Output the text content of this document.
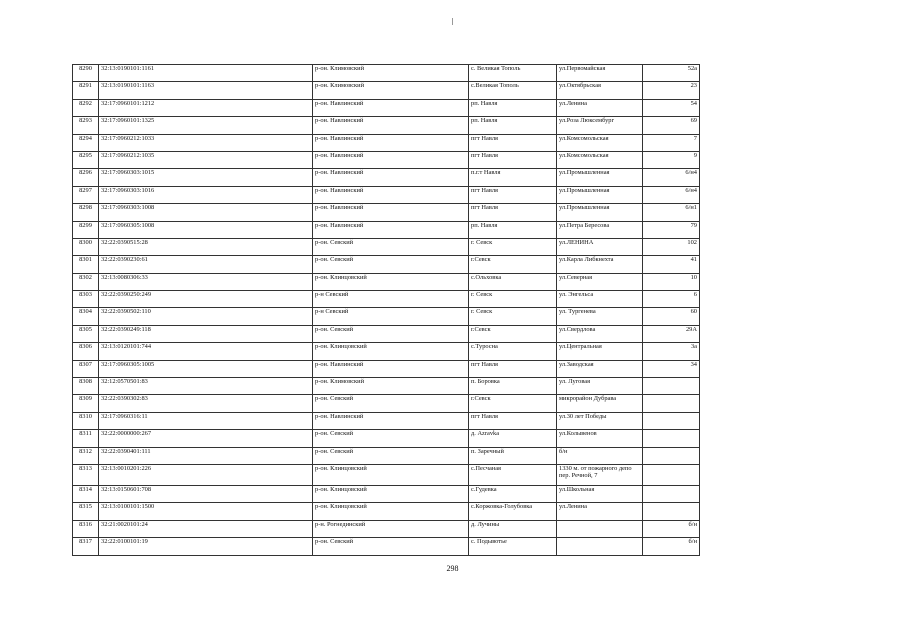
8290	32:13:0190101:1161	р-он. Климовский	с. Великая Тополь	ул.Первомайская	52а
8291	32:13:0190101:1163	р-он. Климовский	с.Великая Тополь	ул.Октябрьская	23
8292	32:17:0960101:1212	р-он. Навлинский	рп. Навля	ул.Ленина	54
8293	32:17:0960101:1325	р-он. Навлинский	рп. Навля	ул.Роза Люксембург	69
8294	32:17:0960212:1033	р-он. Навлинский	пгт Навля	ул.Комсомольская	7
8295	32:17:0960212:1035	р-он. Навлинский	пгт Навля	ул.Комсомольская	9
8296	32:17:0960303:1015	р-он. Навлинский	п.г.т Навля	ул.Промышленная	6/н4
8297	32:17:0960303:1016	р-он. Навлинский	пгт Навля	ул.Промышленная	6/н4
8298	32:17:0960303:1008	р-он. Навлинский	пгт Навля	ул.Промышленная	6/н1
8299	32:17:0960305:1008	р-он. Навлинский	рп. Навля	ул.Петра Бересова	79
8300	32:22:0390515:28	р-он. Севский	г. Севск	ул.ЛЕНИНА	102
8301	32:22:0390230:61	р-он. Севский	г.Севск	ул.Карла Либкнехта	41
8302	32:13:0080306:33	р-он. Клинцовский	с.Ольховка	ул.Северная	10
8303	32:22:0390250:249	р-н Севский	г. Севск	ул. Энгельса	6
8304	32:22:0390502:110	р-н Севский	г. Севск	ул. Тургенева	60
8305	32:22:0390249:118	р-он. Севский	г.Севск	ул.Свердлова	29А
8306	32:13:0120101:744	р-он. Клинцовский	с.Туросна	ул.Центральная	3а
8307	32:17:0960305:1005	р-он. Навлинский	пгт Навля	ул.Заводская	34
8308	32:12:0570501:83	р-он. Климовский	п. Боровка	ул. Луговая	
8309	32:22:0390302:83	р-он. Севский	г.Севск	микрорайон Дубрава	
8310	32:17:0960316:11	р-он. Навлинский	пгт Навля	ул.30 лет Победы	
8311	32:22:0000000:267	р-он. Севский	д. Azravka	ул.Колывенов	
8312	32:22:0390401:111	р-он. Севский	п. Заречный	б/н	
8313	32:13:0010201:226	р-он. Клинцовский	с.Песчаная	1330 м. от пожарного депо пер. Речной, 7	
8314	32:13:0150601:708	р-он. Клинцовский	с.Гудевка	ул.Школьная	
8315	32:13:0100101:1500	р-он. Клинцовский	с.Коржовка-Голубовка	ул.Ленина	
8316	32:21:0020101:24	р-н. Рогнединский	д. Лучины		б/н
8317	32:22:0100101:19	р-он. Севский	с. Подывотье		б/н
298
